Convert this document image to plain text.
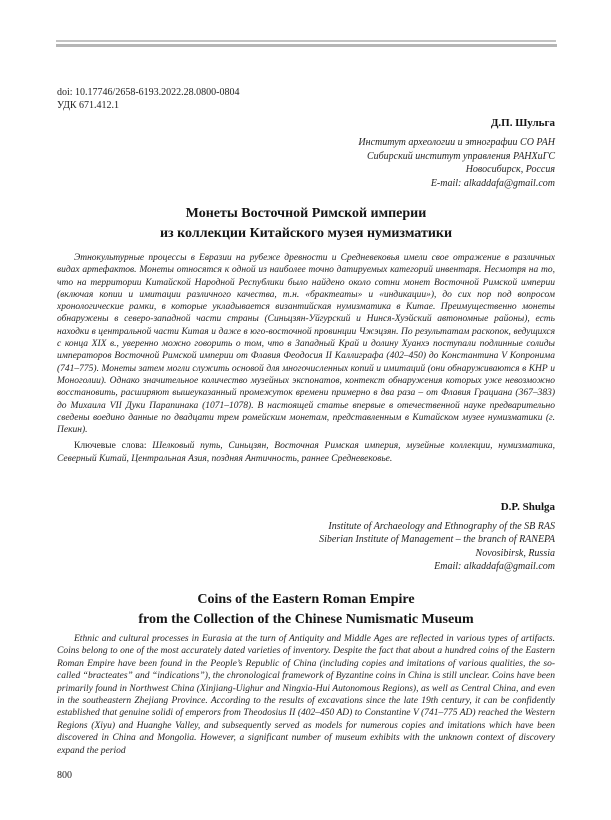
doi: 10.17746/2658-6193.2022.28.0800-0804
УДК 671.412.1
Д.П. Шульга
Институт археологии и этнографии СО РАН
Сибирский институт управления РАНХиГС
Новосибирск, Россия
E-mail: alkaddafa@gmail.com
Монеты Восточной Римской империи
из коллекции Китайского музея нумизматики

Этнокультурные процессы в Евразии на рубеже древности и Средневековья имели свое отражение в различных видах артефактов. Монеты относятся к одной из наиболее точно датируемых категорий инвентаря. Несмотря на то, что на территории Китайской Народной Республики было найдено около сотни монет Восточной Римской империи (включая копии и имитации различного качества, т.н. «брактеаты» и «индикации»), до сих пор под вопросом хронологические рамки, в которые укладывается византийская нумизматика в Китае. Преимущественно монеты обнаружены в северо-западной части страны (Синьцзян-Уйгурский и Нинся-Хуэйский автономные районы), есть находки в центральной части Китая и даже в юго-восточной провинции Чжэцзян. По результатам раскопок, ведущихся с конца XIX в., уверенно можно говорить о том, что в Западный Край и долину Хуанхэ поступали подлинные солиды императоров Восточной Римской империи от Флавия Феодосия II Каллиграфа (402–450) до Константина V Копронима (741–775). Монеты затем могли служить основой для многочисленных копий и имитаций (они обнаруживаются в КНР и Моноголии). Однако значительное количество музейных экспонатов, контекст обнаружения которых уже невозможно восстановить, расширяют вышеуказанный промежуток времени примерно в два раза – от Флавия Грациана (367–383) до Михаила VII Дуки Парапинака (1071–1078). В настоящей статье впервые в отечественной науке предварительно сведены воедино данные по двадцати трем ромейским монетам, представленным в Китайском музее нумизматики (г. Пекин).

Ключевые слова: Шелковый путь, Синьцзян, Восточная Римская империя, музейные коллекции, нумизматика, Северный Китай, Центральная Азия, поздняя Античность, раннее Средневековье.

D.P. Shulga
Institute of Archaeology and Ethnography of the SB RAS
Siberian Institute of Management – the branch of RANEPA
Novosibirsk, Russia
Email: alkaddafa@gmail.com
Coins of the Eastern Roman Empire
from the Collection of the Chinese Numismatic Museum

Ethnic and cultural processes in Eurasia at the turn of Antiquity and Middle Ages are reflected in various types of artifacts. Coins belong to one of the most accurately dated varieties of inventory. Despite the fact that about a hundred coins of the Eastern Roman Empire have been found in the People’s Republic of China (including copies and imitations of various qualities, the so-called “bracteates” and “indications”), the chronological framework of Byzantine coins in China is still unclear. Coins have been primarily found in Northwest China (Xinjiang-Uighur and Ningxia-Hui Autonomous Regions), as well as Central China, and even in the southeastern Zhejiang Province. According to the results of excavations since the late 19th century, it can be confidently established that genuine solidi of emperors from Theodosius II (402–450 AD) to Constantine V (741–775 AD) reached the Western Regions (Xiyu) and Huanghe Valley, and subsequently served as models for numerous copies and imitations which have been discovered in China and Mongolia. However, a significant number of museum exhibits with the unknown context of discovery expand the period

800
